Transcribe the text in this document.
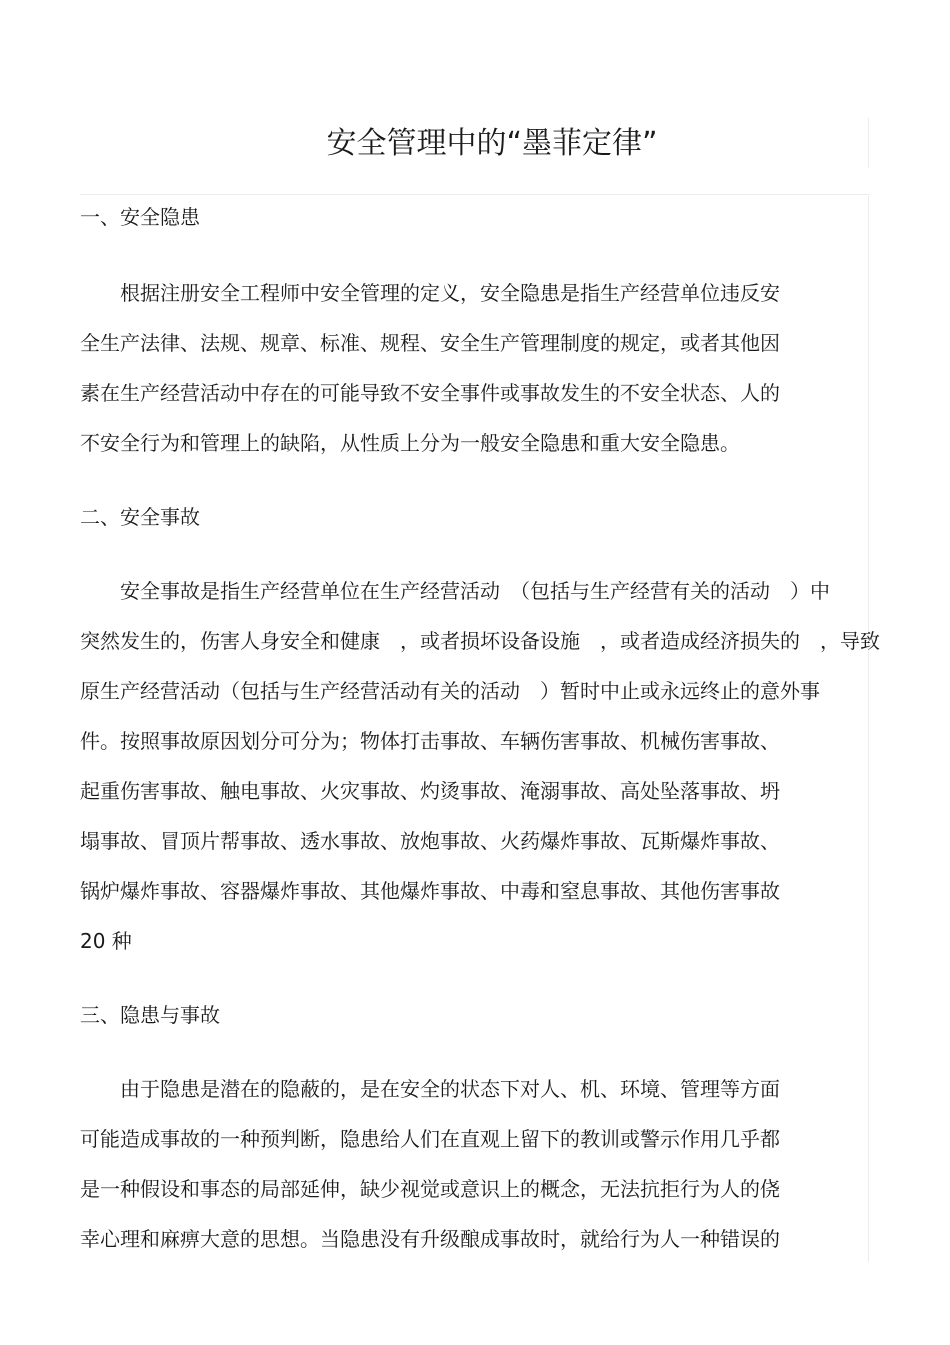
安全管理中的“墨菲定律”
一、安全隐患
根据注册安全工程师中安全管理的定义，安全隐患是指生产经营单位违反安
全生产法律、法规、规章、标准、规程、安全生产管理制度的规定，或者其他因
素在生产经营活动中存在的可能导致不安全事件或事故发生的不安全状态、人的
不安全行为和管理上的缺陷，从性质上分为一般安全隐患和重大安全隐患。
二、安全事故
安全事故是指生产经营单位在生产经营活动　（包括与生产经营有关的活动　）中
突然发生的，伤害人身安全和健康　，或者损坏设备设施　，或者造成经济损失的　，导致
原生产经营活动（包括与生产经营活动有关的活动　）暂时中止或永远终止的意外事
件。按照事故原因划分可分为；物体打击事故、车辆伤害事故、机械伤害事故、
起重伤害事故、触电事故、火灾事故、灼烫事故、淹溺事故、高处坠落事故、坍
塌事故、冒顶片帮事故、透水事故、放炮事故、火药爆炸事故、瓦斯爆炸事故、
锅炉爆炸事故、容器爆炸事故、其他爆炸事故、中毒和窒息事故、其他伤害事故
20 种
三、隐患与事故
由于隐患是潜在的隐蔽的，是在安全的状态下对人、机、环境、管理等方面
可能造成事故的一种预判断，隐患给人们在直观上留下的教训或警示作用几乎都
是一种假设和事态的局部延伸，缺少视觉或意识上的概念，无法抗拒行为人的侥
幸心理和麻痹大意的思想。当隐患没有升级酿成事故时，就给行为人一种错误的
